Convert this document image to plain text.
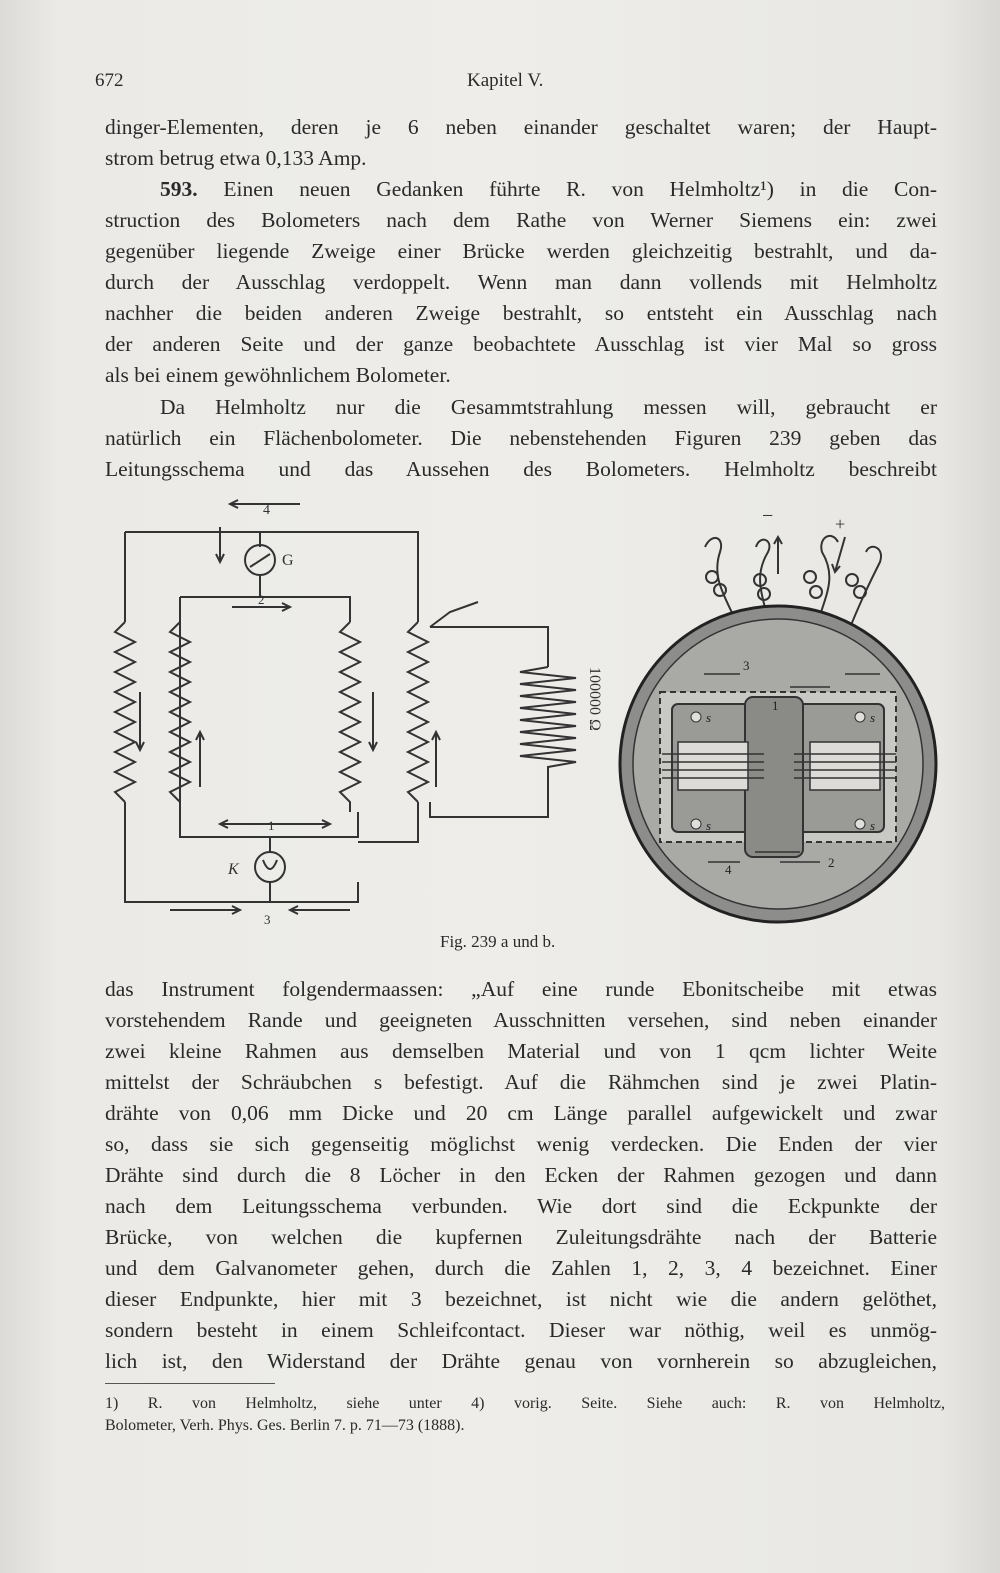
672	Kapitel V.
dinger-Elementen, deren je 6 neben einander geschaltet waren; der Haupt-
strom betrug etwa 0,133 Amp.
593. Einen neuen Gedanken führte R. von Helmholtz¹) in die Con-
struction des Bolometers nach dem Rathe von Werner Siemens ein: zwei
gegenüber liegende Zweige einer Brücke werden gleichzeitig bestrahlt, und da-
durch der Ausschlag verdoppelt. Wenn man dann vollends mit Helmholtz
nachher die beiden anderen Zweige bestrahlt, so entsteht ein Ausschlag nach
der anderen Seite und der ganze beobachtete Ausschlag ist vier Mal so gross
als bei einem gewöhnlichem Bolometer.
Da Helmholtz nur die Gesammtstrahlung messen will, gebraucht er
natürlich ein Flächenbolometer. Die nebenstehenden Figuren 239 geben das
Leitungsschema und das Aussehen des Bolometers. Helmholtz beschreibt
4
G
2
1
K
3
100000 Ω
−	+
3
1
2
4
s	s
s	s
Fig. 239 a und b.
das Instrument folgendermaassen: „Auf eine runde Ebonitscheibe mit etwas
vorstehendem Rande und geeigneten Ausschnitten versehen, sind neben einander
zwei kleine Rahmen aus demselben Material und von 1 qcm lichter Weite
mittelst der Schräubchen s befestigt. Auf die Rähmchen sind je zwei Platin-
drähte von 0,06 mm Dicke und 20 cm Länge parallel aufgewickelt und zwar
so, dass sie sich gegenseitig möglichst wenig verdecken. Die Enden der vier
Drähte sind durch die 8 Löcher in den Ecken der Rahmen gezogen und dann
nach dem Leitungsschema verbunden. Wie dort sind die Eckpunkte der
Brücke, von welchen die kupfernen Zuleitungsdrähte nach der Batterie
und dem Galvanometer gehen, durch die Zahlen 1, 2, 3, 4 bezeichnet. Einer
dieser Endpunkte, hier mit 3 bezeichnet, ist nicht wie die andern gelöthet,
sondern besteht in einem Schleifcontact. Dieser war nöthig, weil es unmög-
lich ist, den Widerstand der Drähte genau von vornherein so abzugleichen,
1) R. von Helmholtz, siehe unter 4) vorig. Seite. Siehe auch: R. von Helmholtz,
Bolometer, Verh. Phys. Ges. Berlin 7. p. 71—73 (1888).
